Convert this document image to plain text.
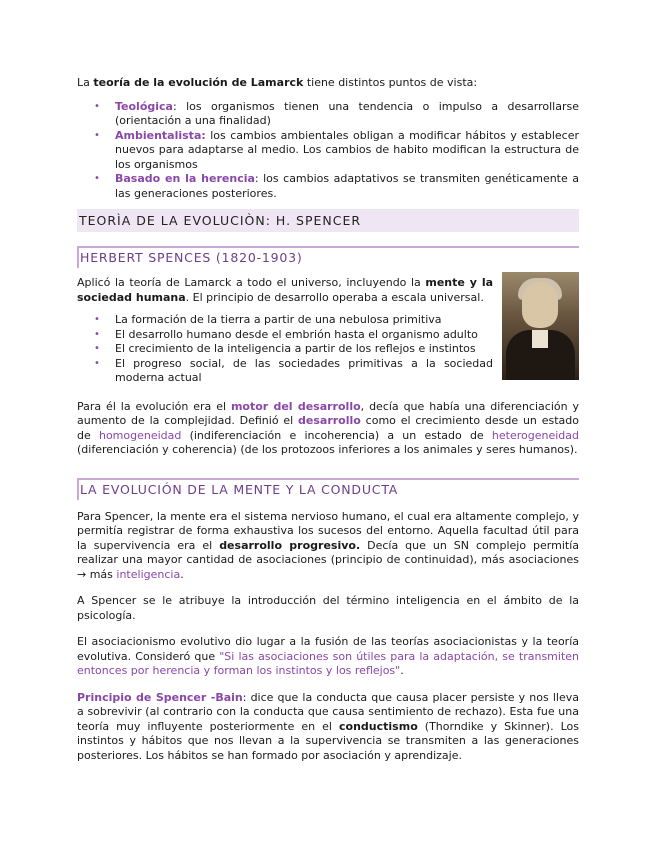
La teoría de la evolución de Lamarck tiene distintos puntos de vista:

• Teológica: los organismos tienen una tendencia o impulso a desarrollarse (orientación a una finalidad)
• Ambientalista: los cambios ambientales obligan a modificar hábitos y establecer nuevos para adaptarse al medio. Los cambios de habito modifican la estructura de los organismos
• Basado en la herencia: los cambios adaptativos se transmiten genéticamente a las generaciones posteriores.
TEORÌA DE LA EVOLUCIÒN: H. SPENCER
HERBERT SPENCES (1820-1903)

Aplicó la teoría de Lamarck a todo el universo, incluyendo la mente y la sociedad humana. El principio de desarrollo operaba a escala universal.

• La formación de la tierra a partir de una nebulosa primitiva
• El desarrollo humano desde el embrión hasta el organismo adulto
• El crecimiento de la inteligencia a partir de los reflejos e instintos
• El progreso social, de las sociedades primitivas a la sociedad moderna actual

Para él la evolución era el motor del desarrollo, decía que había una diferenciación y aumento de la complejidad. Definió el desarrollo como el crecimiento desde un estado de homogeneidad (indiferenciación e incoherencia) a un estado de heterogeneidad (diferenciación y coherencia) (de los protozoos inferiores a los animales y seres humanos).

LA EVOLUCIÓN DE LA MENTE Y LA CONDUCTA

Para Spencer, la mente era el sistema nervioso humano, el cual era altamente complejo, y permitía registrar de forma exhaustiva los sucesos del entorno. Aquella facultad útil para la supervivencia era el desarrollo progresivo. Decía que un SN complejo permitía realizar una mayor cantidad de asociaciones (principio de continuidad), más asociaciones → más inteligencia.

A Spencer se le atribuye la introducción del término inteligencia en el ámbito de la psicología.

El asociacionismo evolutivo dio lugar a la fusión de las teorías asociacionistas y la teoría evolutiva. Consideró que "Si las asociaciones son útiles para la adaptación, se transmiten entonces por herencia y forman los instintos y los reflejos".

Principio de Spencer -Bain: dice que la conducta que causa placer persiste y nos lleva a sobrevivir (al contrario con la conducta que causa sentimiento de rechazo). Esta fue una teoría muy influyente posteriormente en el conductismo (Thorndike y Skinner). Los instintos y hábitos que nos llevan a la supervivencia se transmiten a las generaciones posteriores. Los hábitos se han formado por asociación y aprendizaje.
